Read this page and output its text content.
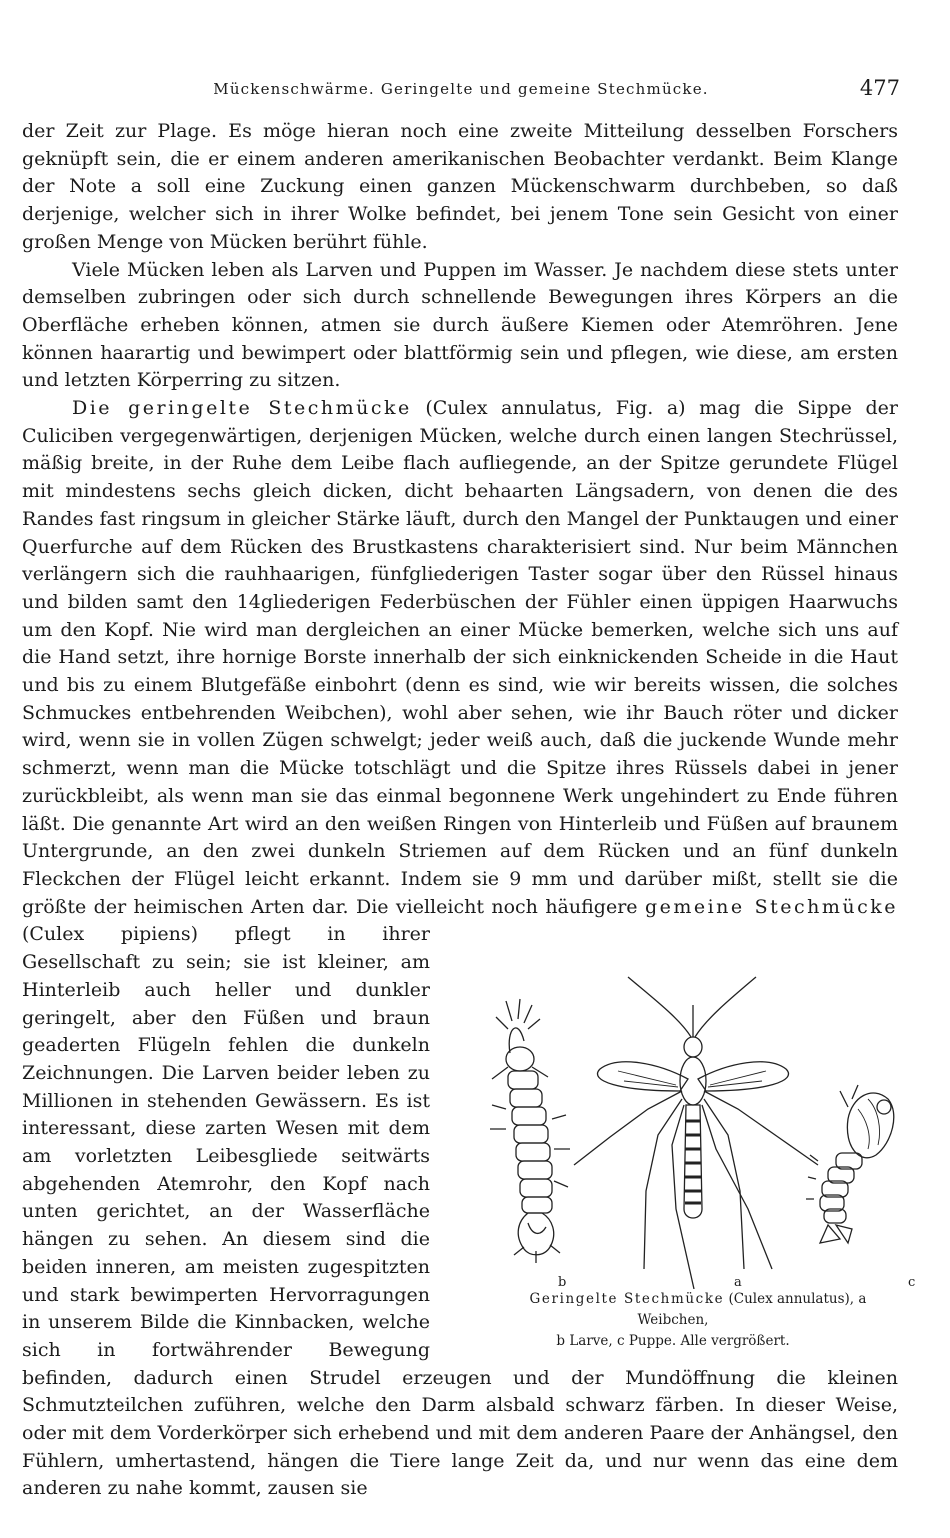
Mückenschwärme. Geringelte und gemeine Stechmücke.	477

der Zeit zur Plage. Es möge hieran noch eine zweite Mitteilung desselben Forschers geknüpft sein, die er einem anderen amerikanischen Beobachter verdankt. Beim Klange der Note a soll eine Zuckung einen ganzen Mückenschwarm durchbeben, so daß derjenige, welcher sich in ihrer Wolke befindet, bei jenem Tone sein Gesicht von einer großen Menge von Mücken berührt fühle.

Viele Mücken leben als Larven und Puppen im Wasser. Je nachdem diese stets unter demselben zubringen oder sich durch schnellende Bewegungen ihres Körpers an die Oberfläche erheben können, atmen sie durch äußere Kiemen oder Atemröhren. Jene können haarartig und bewimpert oder blattförmig sein und pflegen, wie diese, am ersten und letzten Körperring zu sitzen.

Die geringelte Stechmücke (Culex annulatus, Fig. a) mag die Sippe der Culiciben vergegenwärtigen, derjenigen Mücken, welche durch einen langen Stechrüssel, mäßig breite, in der Ruhe dem Leibe flach aufliegende, an der Spitze gerundete Flügel mit mindestens sechs gleich dicken, dicht behaarten Längsadern, von denen die des Randes fast ringsum in gleicher Stärke läuft, durch den Mangel der Punktaugen und einer Querfurche auf dem Rücken des Brustkastens charakterisiert sind. Nur beim Männchen verlängern sich die rauhhaarigen, fünfgliederigen Taster sogar über den Rüssel hinaus und bilden samt den 14gliederigen Federbüschen der Fühler einen üppigen Haarwuchs um den Kopf. Nie wird man dergleichen an einer Mücke bemerken, welche sich uns auf die Hand setzt, ihre hornige Borste innerhalb der sich einknickenden Scheide in die Haut und bis zu einem Blutgefäße einbohrt (denn es sind, wie wir bereits wissen, die solches Schmuckes entbehrenden Weibchen), wohl aber sehen, wie ihr Bauch röter und dicker wird, wenn sie in vollen Zügen schwelgt; jeder weiß auch, daß die juckende Wunde mehr schmerzt, wenn man die Mücke totschlägt und die Spitze ihres Rüssels dabei in jener zurückbleibt, als wenn man sie das einmal begonnene Werk ungehindert zu Ende führen läßt. Die genannte Art wird an den weißen Ringen von Hinterleib und Füßen auf braunem Untergrunde, an den zwei dunkeln Striemen auf dem Rücken und an fünf dunkeln Fleckchen der Flügel leicht erkannt. Indem sie 9 mm und darüber mißt, stellt sie die größte der heimischen Arten dar. Die vielleicht noch häufigere
b	a	c
Geringelte Stechmücke (Culex annulatus), a Weibchen,
b Larve, c Puppe. Alle vergrößert.
gemeine Stechmücke (Culex pipiens) pflegt in ihrer Gesellschaft zu sein; sie ist kleiner, am Hinterleib auch heller und dunkler geringelt, aber den Füßen und braun geaderten Flügeln fehlen die dunkeln Zeichnungen. Die Larven beider leben zu Millionen in stehenden Gewässern. Es ist interessant, diese zarten Wesen mit dem am vorletzten Leibesgliede seitwärts abgehenden Atemrohr, den Kopf nach unten gerichtet, an der Wasserfläche hängen zu sehen. An diesem sind die beiden inneren, am meisten zugespitzten und stark bewimperten Hervorragungen in unserem Bilde die Kinnbacken, welche sich in fortwährender Bewegung befinden, dadurch einen Strudel erzeugen und der Mundöffnung die kleinen Schmutzteilchen zuführen, welche den Darm alsbald schwarz färben. In dieser Weise, oder mit dem Vorderkörper sich erhebend und mit dem anderen Paare der Anhängsel, den Fühlern, umhertastend, hängen die Tiere lange Zeit da, und nur wenn das eine dem anderen zu nahe kommt, zausen sie
